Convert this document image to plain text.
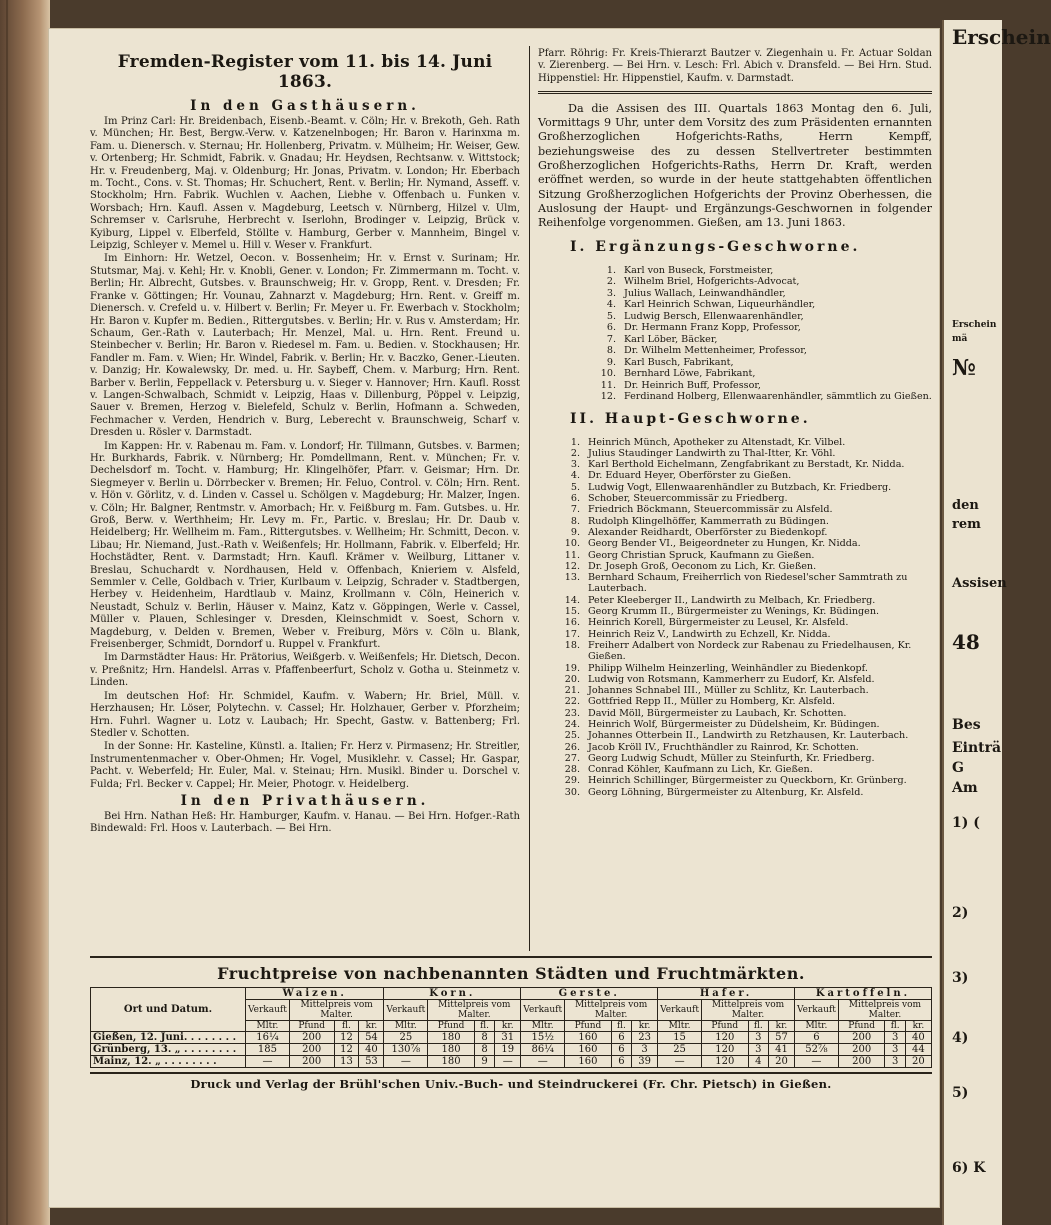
Fremden-Register vom 11. bis 14. Juni 1863.
In den Gasthäusern.

Im Prinz Carl: Hr. Breidenbach, Eisenb.-Beamt. v. Cöln; Hr. v. Brekoth, Geh. Rath v. München; Hr. Best, Bergw.-Verw. v. Katzenelnbogen; Hr. Baron v. Harinxma m. Fam. u. Dienersch. v. Sternau; Hr. Hollenberg, Privatm. v. Mülheim; Hr. Weiser, Gew. v. Ortenberg; Hr. Schmidt, Fabrik. v. Gnadau; Hr. Heydsen, Rechtsanw. v. Wittstock; Hr. v. Freudenberg, Maj. v. Oldenburg; Hr. Jonas, Privatm. v. London; Hr. Eberbach m. Tocht., Cons. v. St. Thomas; Hr. Schuchert, Rent. v. Berlin; Hr. Nymand, Asseff. v. Stockholm; Hrn. Fabrik. Wuchlen v. Aachen, Liebhe v. Offenbach u. Funken v. Worsbach; Hrn. Kaufl. Assen v. Magdeburg, Leetsch v. Nürnberg, Hilzel v. Ulm, Schremser v. Carlsruhe, Herbrecht v. Iserlohn, Brodinger v. Leipzig, Brück v. Kyiburg, Lippel v. Elberfeld, Stöllte v. Hamburg, Gerber v. Mannheim, Bingel v. Leipzig, Schleyer v. Memel u. Hill v. Weser v. Frankfurt.

Im Einhorn: Hr. Wetzel, Oecon. v. Bossenheim; Hr. v. Ernst v. Surinam; Hr. Stutsmar, Maj. v. Kehl; Hr. v. Knobli, Gener. v. London; Fr. Zimmermann m. Tocht. v. Berlin; Hr. Albrecht, Gutsbes. v. Braunschweig; Hr. v. Gropp, Rent. v. Dresden; Fr. Franke v. Göttingen; Hr. Vounau, Zahnarzt v. Magdeburg; Hrn. Rent. v. Greiff m. Dienersch. v. Crefeld u. v. Hilbert v. Berlin; Fr. Meyer u. Fr. Ewerbach v. Stockholm; Hr. Baron v. Kupfer m. Bedien., Rittergutsbes. v. Berlin; Hr. v. Rus v. Amsterdam; Hr. Schaum, Ger.-Rath v. Lauterbach; Hr. Menzel, Mal. u. Hrn. Rent. Freund u. Steinbecher v. Berlin; Hr. Baron v. Riedesel m. Fam. u. Bedien. v. Stockhausen; Hr. Fandler m. Fam. v. Wien; Hr. Windel, Fabrik. v. Berlin; Hr. v. Baczko, Gener.-Lieuten. v. Danzig; Hr. Kowalewsky, Dr. med. u. Hr. Saybeff, Chem. v. Marburg; Hrn. Rent. Barber v. Berlin, Feppellack v. Petersburg u. v. Sieger v. Hannover; Hrn. Kaufl. Rosst v. Langen-Schwalbach, Schmidt v. Leipzig, Haas v. Dillenburg, Pöppel v. Leipzig, Sauer v. Bremen, Herzog v. Bielefeld, Schulz v. Berlin, Hofmann a. Schweden, Fechmacher v. Verden, Hendrich v. Burg, Leberecht v. Braunschweig, Scharf v. Dresden u. Rösler v. Darmstadt.

Im Kappen: Hr. v. Rabenau m. Fam. v. Londorf; Hr. Tillmann, Gutsbes. v. Barmen; Hr. Burkhards, Fabrik. v. Nürnberg; Hr. Pomdellmann, Rent. v. München; Fr. v. Dechelsdorf m. Tocht. v. Hamburg; Hr. Klingelhöfer, Pfarr. v. Geismar; Hrn. Dr. Siegmeyer v. Berlin u. Dörrbecker v. Bremen; Hr. Feluo, Control. v. Cöln; Hrn. Rent. v. Hön v. Görlitz, v. d. Linden v. Cassel u. Schölgen v. Magdeburg; Hr. Malzer, Ingen. v. Cöln; Hr. Balgner, Rentmstr. v. Amorbach; Hr. v. Feißburg m. Fam. Gutsbes. u. Hr. Groß, Berw. v. Werthheim; Hr. Levy m. Fr., Partic. v. Breslau; Hr. Dr. Daub v. Heidelberg; Hr. Wellheim m. Fam., Rittergutsbes. v. Wellheim; Hr. Schmitt, Decon. v. Libau; Hr. Niemand, Just.-Rath v. Weißenfels; Hr. Hollmann, Fabrik. v. Elberfeld; Hr. Hochstädter, Rent. v. Darmstadt; Hrn. Kaufl. Krämer v. Weilburg, Littaner v. Breslau, Schuchardt v. Nordhausen, Held v. Offenbach, Knieriem v. Alsfeld, Semmler v. Celle, Goldbach v. Trier, Kurlbaum v. Leipzig, Schrader v. Stadtbergen, Herbey v. Heidenheim, Hardtlaub v. Mainz, Krollmann v. Cöln, Heinerich v. Neustadt, Schulz v. Berlin, Häuser v. Mainz, Katz v. Göppingen, Werle v. Cassel, Müller v. Plauen, Schlesinger v. Dresden, Kleinschmidt v. Soest, Schorn v. Magdeburg, v. Delden v. Bremen, Weber v. Freiburg, Mörs v. Cöln u. Blank, Freisenberger, Schmidt, Dorndorf u. Ruppel v. Frankfurt.

Im Darmstädter Haus: Hr. Prätorius, Weißgerb. v. Weißenfels; Hr. Dietsch, Decon. v. Preßnitz; Hrn. Handelsl. Arras v. Pfaffenbeerfurt, Scholz v. Gotha u. Steinmetz v. Linden.

Im deutschen Hof: Hr. Schmidel, Kaufm. v. Wabern; Hr. Briel, Müll. v. Herzhausen; Hr. Löser, Polytechn. v. Cassel; Hr. Holzhauer, Gerber v. Pforzheim; Hrn. Fuhrl. Wagner u. Lotz v. Laubach; Hr. Specht, Gastw. v. Battenberg; Frl. Stedler v. Schotten.

In der Sonne: Hr. Kasteline, Künstl. a. Italien; Fr. Herz v. Pirmasenz; Hr. Streitler, Instrumentenmacher v. Ober-Ohmen; Hr. Vogel, Musiklehr. v. Cassel; Hr. Gaspar, Pacht. v. Weberfeld; Hr. Euler, Mal. v. Steinau; Hrn. Musikl. Binder u. Dorschel v. Fulda; Frl. Becker v. Cappel; Hr. Meier, Photogr. v. Heidelberg.

In den Privathäusern.

Bei Hrn. Nathan Heß: Hr. Hamburger, Kaufm. v. Hanau. — Bei Hrn. Hofger.-Rath Bindewald: Frl. Hoos v. Lauterbach. — Bei Hrn.

Pfarr. Röhrig: Fr. Kreis-Thierarzt Bautzer v. Ziegenhain u. Fr. Actuar Soldan v. Zierenberg. — Bei Hrn. v. Lesch: Frl. Abich v. Dransfeld. — Bei Hrn. Stud. Hippenstiel: Hr. Hippenstiel, Kaufm. v. Darmstadt.
Da die Assisen des III. Quartals 1863 Montag den 6. Juli, Vormittags 9 Uhr, unter dem Vorsitz des zum Präsidenten ernannten Großherzoglichen Hofgerichts-Raths, Herrn Kempff, beziehungsweise des zu dessen Stellvertreter bestimmten Großherzoglichen Hofgerichts-Raths, Herrn Dr. Kraft, werden eröffnet werden, so wurde in der heute stattgehabten öffentlichen Sitzung Großherzoglichen Hofgerichts der Provinz Oberhessen, die Auslosung der Haupt- und Ergänzungs-Geschwornen in folgender Reihenfolge vorgenommen. Gießen, am 13. Juni 1863.
I. Ergänzungs-Geschworne.
1. Karl von Buseck, Forstmeister,
2. Wilhelm Briel, Hofgerichts-Advocat,
3. Julius Wallach, Leinwandhändler,
4. Karl Heinrich Schwan, Liqueurhändler,
5. Ludwig Bersch, Ellenwaarenhändler,
6. Dr. Hermann Franz Kopp, Professor,
7. Karl Löber, Bäcker,
8. Dr. Wilhelm Mettenheimer, Professor,
9. Karl Busch, Fabrikant,
10. Bernhard Löwe, Fabrikant,
11. Dr. Heinrich Buff, Professor,
12. Ferdinand Holberg, Ellenwaarenhändler, sämmtlich zu Gießen.
II. Haupt-Geschworne.
1. Heinrich Münch, Apotheker zu Altenstadt, Kr. Vilbel.
2. Julius Staudinger Landwirth zu Thal-Itter, Kr. Vöhl.
3. Karl Berthold Eichelmann, Zengfabrikant zu Berstadt, Kr. Nidda.
4. Dr. Eduard Heyer, Oberförster zu Gießen.
5. Ludwig Vogt, Ellenwaarenhändler zu Butzbach, Kr. Friedberg.
6. Schober, Steuercommissär zu Friedberg.
7. Friedrich Böckmann, Steuercommissär zu Alsfeld.
8. Rudolph Klingelhöffer, Kammerrath zu Büdingen.
9. Alexander Reidhardt, Oberförster zu Biedenkopf.
10. Georg Bender VI., Beigeordneter zu Hungen, Kr. Nidda.
11. Georg Christian Spruck, Kaufmann zu Gießen.
12. Dr. Joseph Groß, Oeconom zu Lich, Kr. Gießen.
13. Bernhard Schaum, Freiherrlich von Riedesel'scher Sammtrath zu Lauterbach.
14. Peter Kleeberger II., Landwirth zu Melbach, Kr. Friedberg.
15. Georg Krumm II., Bürgermeister zu Wenings, Kr. Büdingen.
16. Heinrich Korell, Bürgermeister zu Leusel, Kr. Alsfeld.
17. Heinrich Reiz V., Landwirth zu Echzell, Kr. Nidda.
18. Freiherr Adalbert von Nordeck zur Rabenau zu Friedelhausen, Kr. Gießen.
19. Philipp Wilhelm Heinzerling, Weinhändler zu Biedenkopf.
20. Ludwig von Rotsmann, Kammerherr zu Eudorf, Kr. Alsfeld.
21. Johannes Schnabel III., Müller zu Schlitz, Kr. Lauterbach.
22. Gottfried Repp II., Müller zu Homberg, Kr. Alsfeld.
23. David Möll, Bürgermeister zu Laubach, Kr. Schotten.
24. Heinrich Wolf, Bürgermeister zu Düdelsheim, Kr. Büdingen.
25. Johannes Otterbein II., Landwirth zu Retzhausen, Kr. Lauterbach.
26. Jacob Kröll IV., Fruchthändler zu Rainrod, Kr. Schotten.
27. Georg Ludwig Schudt, Müller zu Steinfurth, Kr. Friedberg.
28. Conrad Köhler, Kaufmann zu Lich, Kr. Gießen.
29. Heinrich Schillinger, Bürgermeister zu Queckborn, Kr. Grünberg.
30. Georg Löhning, Bürgermeister zu Altenburg, Kr. Alsfeld.
Fruchtpreise von nachbenannten Städten und Fruchtmärkten.
Ort und Datum.	Waizen.				Korn.				Gerste.				Hafer.				Kartoffeln.			
	Verkauft	Mittelpreis vom Malter.			Verkauft	Mittelpreis vom Malter.			Verkauft	Mittelpreis vom Malter.			Verkauft	Mittelpreis vom Malter.			Verkauft	Mittelpreis vom Malter.		
	Mltr.	Pfund	fl.	kr.	Mltr.	Pfund	fl.	kr.	Mltr.	Pfund	fl.	kr.	Mltr.	Pfund	fl.	kr.	Mltr.	Pfund	fl.	kr.
Gießen, 12. Juni. . . . . . . .	16¼	200	12	54	25	180	8	31	15½	160	6	23	15	120	3	57	6	200	3	40
Grünberg, 13. „ . . . . . . . .	185	200	12	40	130⅞	180	8	19	86¼	160	6	3	25	120	3	41	52⅞	200	3	44
Mainz, 12. „ . . . . . . . .	—	200	13	53	—	180	9	—	—	160	6	39	—	120	4	20	—	200	3	20
Druck und Verlag der Brühl'schen Univ.-Buch- und Steindruckerei (Fr. Chr. Pietsch) in Gießen.
Erschein
Erschein
mä
№
den
rem
Assisen
48
Bes
Einträ
G
Am
1) (
2)
3)
4)
5)
6) K
